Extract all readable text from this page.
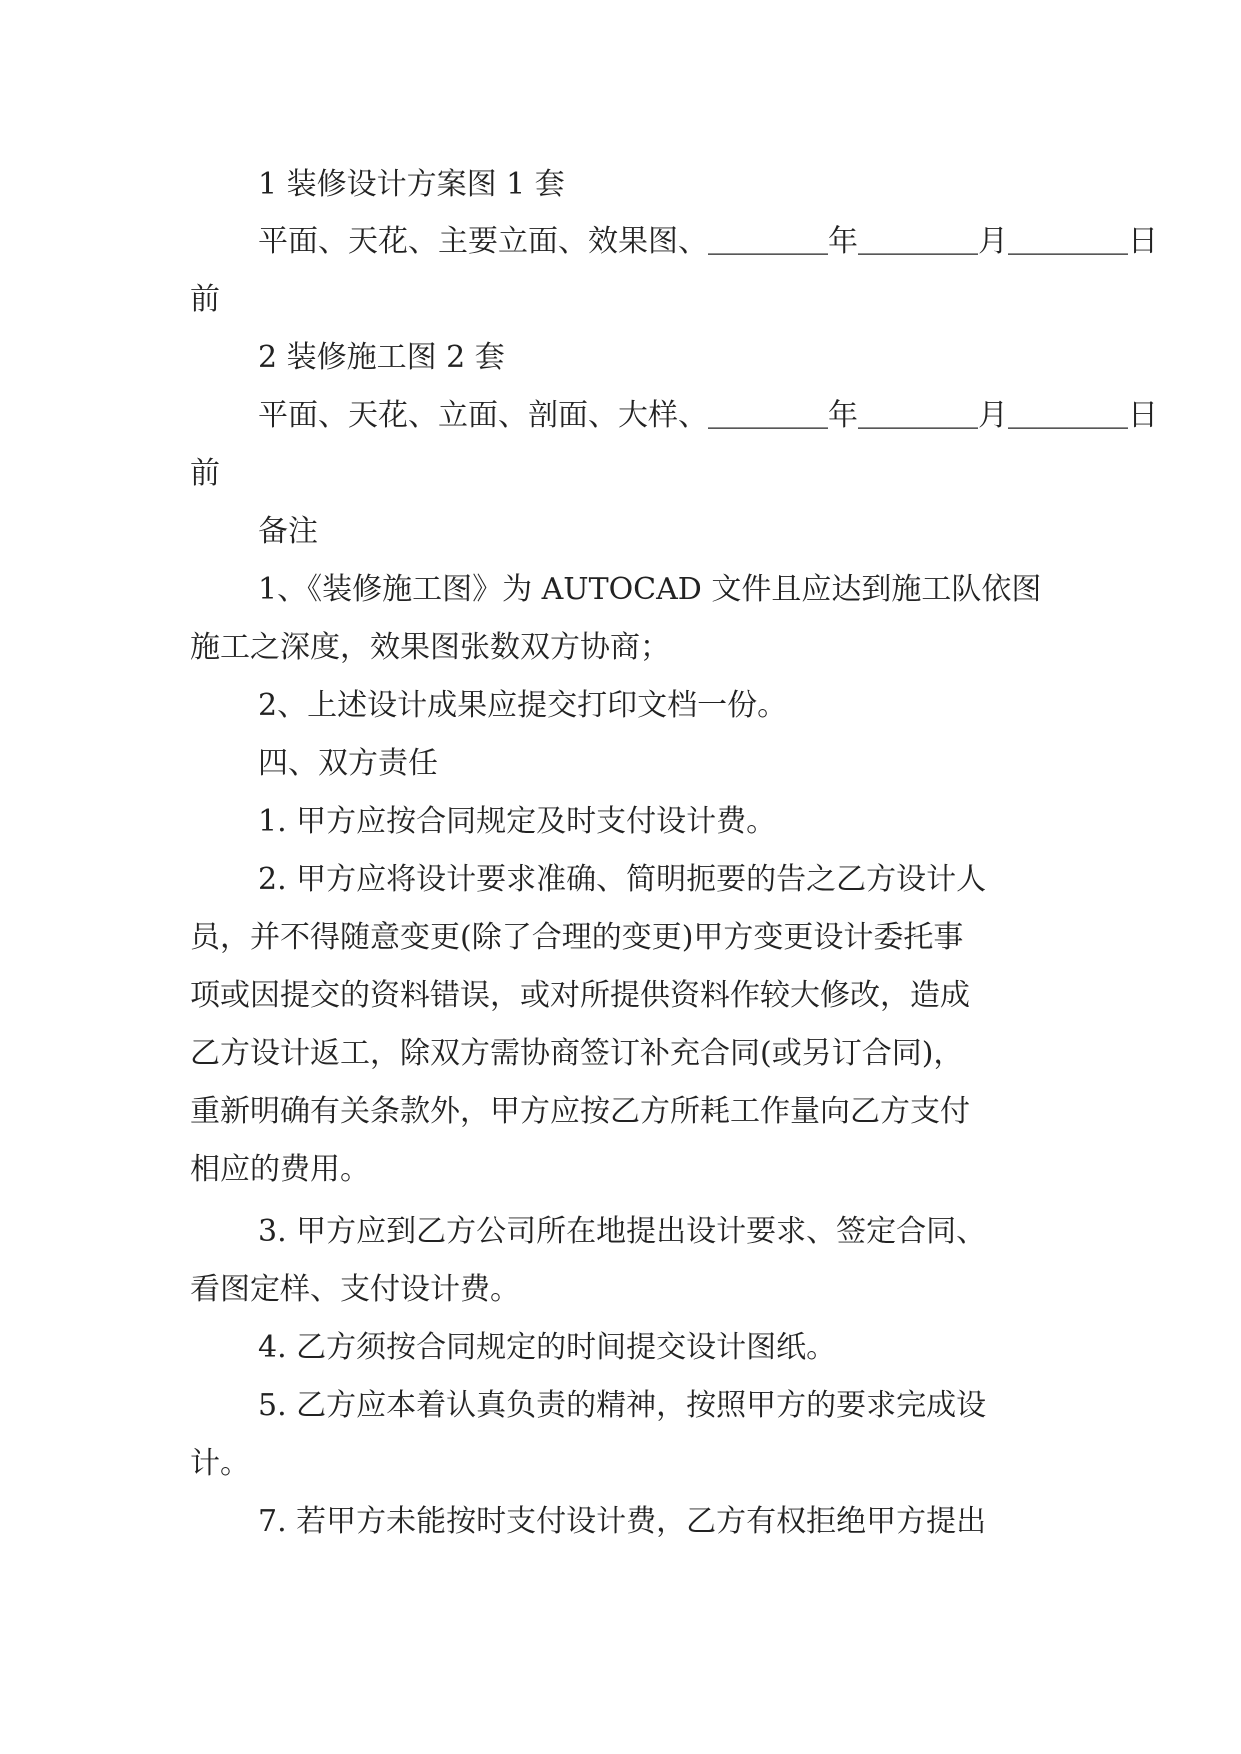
1 装修设计方案图 1 套
平面、天花、主要立面、效果图、＿＿＿＿年＿＿＿＿月＿＿＿＿日
前
2 装修施工图 2 套
平面、天花、立面、剖面、大样、＿＿＿＿年＿＿＿＿月＿＿＿＿日
前
备注
1、《装修施工图》为 AUTOCAD 文件且应达到施工队依图
施工之深度，效果图张数双方协商；
2、上述设计成果应提交打印文档一份。
四、双方责任
1. 甲方应按合同规定及时支付设计费。
2. 甲方应将设计要求准确、简明扼要的告之乙方设计人
员，并不得随意变更(除了合理的变更)甲方变更设计委托事
项或因提交的资料错误，或对所提供资料作较大修改，造成
乙方设计返工，除双方需协商签订补充合同(或另订合同)，
重新明确有关条款外，甲方应按乙方所耗工作量向乙方支付
相应的费用。
3. 甲方应到乙方公司所在地提出设计要求、签定合同、
看图定样、支付设计费。
4. 乙方须按合同规定的时间提交设计图纸。
5. 乙方应本着认真负责的精神，按照甲方的要求完成设
计。
7. 若甲方未能按时支付设计费，乙方有权拒绝甲方提出
